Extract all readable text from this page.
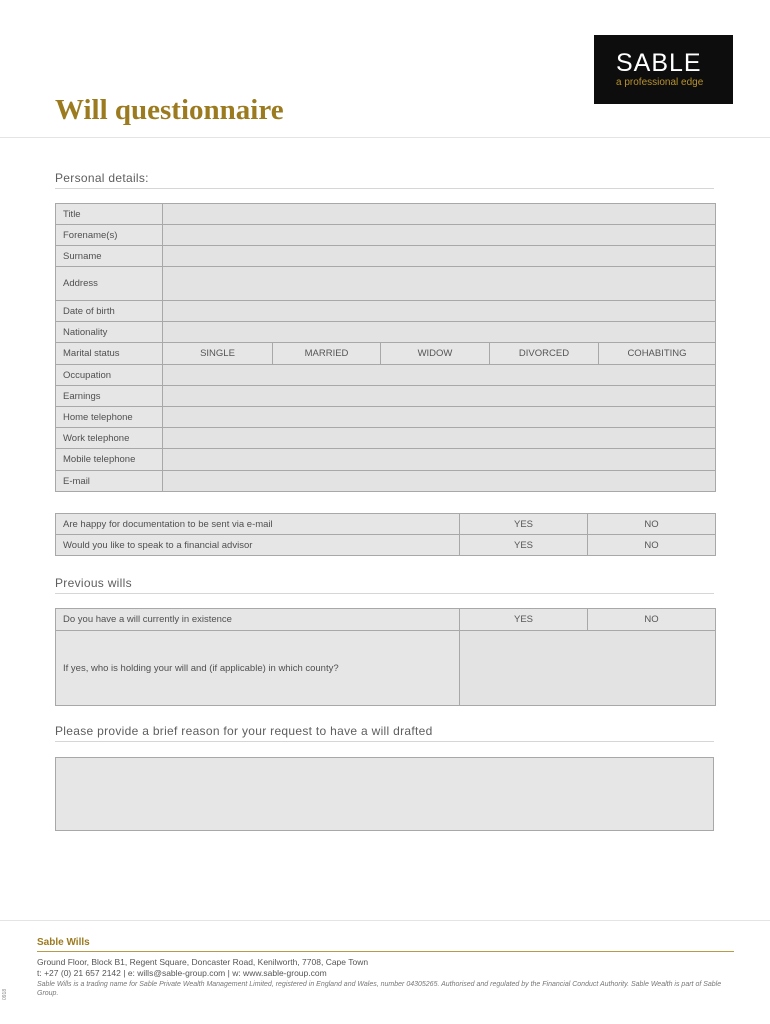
SABLE
a professional edge
Will questionnaire
Personal details:
Title					
Forename(s)					
Surname					
Address					
Date of birth					
Nationality					
Marital status	SINGLE	MARRIED	WIDOW	DIVORCED	COHABITING
Occupation					
Earnings					
Home telephone					
Work telephone					
Mobile telephone					
E-mail					
Are happy for documentation to be sent via e-mail	YES	NO
Would you like to speak to a financial advisor	YES	NO
Previous wills
Do you have a will currently in existence	YES	NO
If yes, who is holding your will and (if applicable) in which county?		
Please provide a brief reason for your request to have a will drafted
Sable Wills
Ground Floor, Block B1, Regent Square, Doncaster Road, Kenilworth, 7708, Cape Town
t: +27 (0) 21 657 2142 | e: wills@sable-group.com | w: www.sable-group.com
Sable Wills is a trading name for Sable Private Wealth Management Limited, registered in England and Wales, number 04305265. Authorised and regulated by the Financial Conduct Authority. Sable Wealth is part of Sable Group.
0918
